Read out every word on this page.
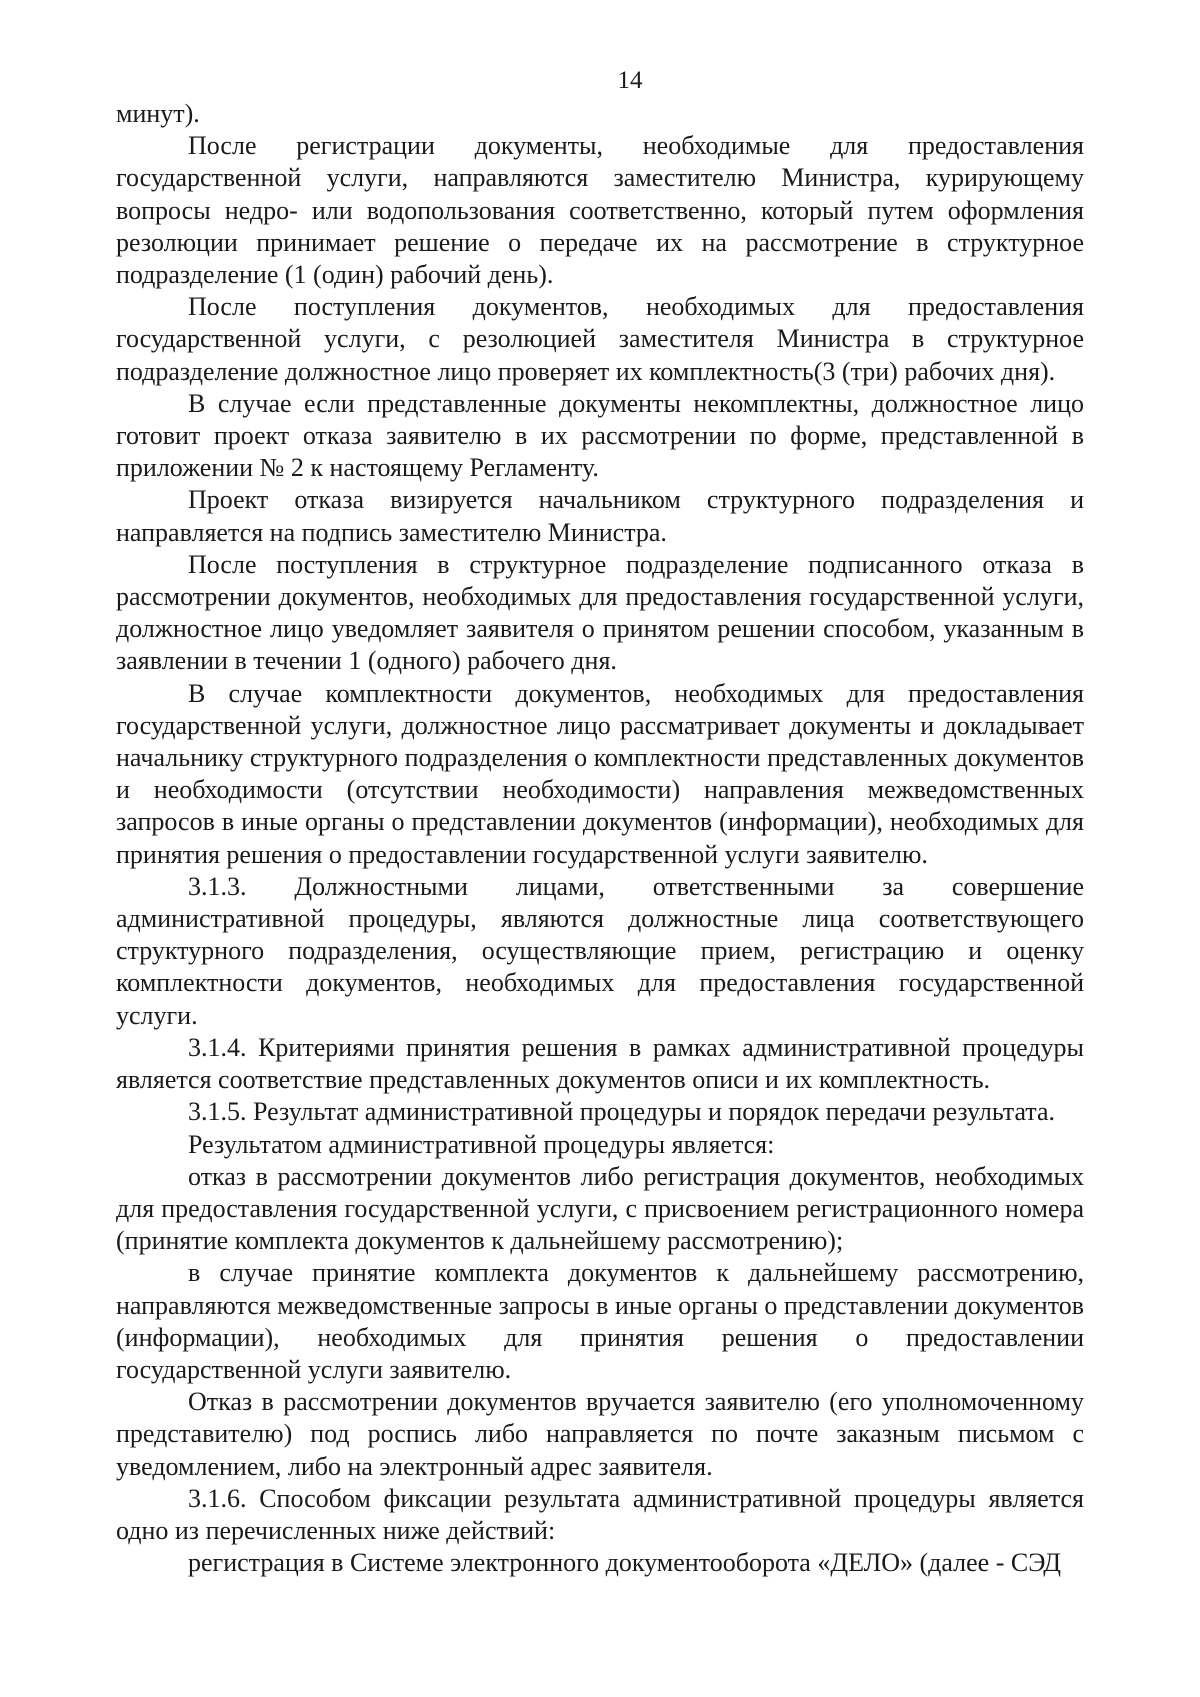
14

минут).

После регистрации документы, необходимые для предоставления государственной услуги, направляются заместителю Министра, курирующему вопросы недро- или водопользования соответственно, который путем оформления резолюции принимает решение о передаче их на рассмотрение в структурное подразделение (1 (один) рабочий день).

После поступления документов, необходимых для предоставления государственной услуги, с резолюцией заместителя Министра в структурное подразделение должностное лицо проверяет их комплектность(3 (три) рабочих дня).

В случае если представленные документы некомплектны, должностное лицо готовит проект отказа заявителю в их рассмотрении по форме, представленной в приложении № 2 к настоящему Регламенту.

Проект отказа визируется начальником структурного подразделения и направляется на подпись заместителю Министра.

После поступления в структурное подразделение подписанного отказа в рассмотрении документов, необходимых для предоставления государственной услуги, должностное лицо уведомляет заявителя о принятом решении способом, указанным в заявлении в течении 1 (одного) рабочего дня.

В случае комплектности документов, необходимых для предоставления государственной услуги, должностное лицо рассматривает документы и докладывает начальнику структурного подразделения о комплектности представленных документов и необходимости (отсутствии необходимости) направления межведомственных запросов в иные органы о представлении документов (информации), необходимых для принятия решения о предоставлении государственной услуги заявителю.

3.1.3. Должностными лицами, ответственными за совершение административной процедуры, являются должностные лица соответствующего структурного подразделения, осуществляющие прием, регистрацию и оценку комплектности документов, необходимых для предоставления государственной услуги.

3.1.4. Критериями принятия решения в рамках административной процедуры является соответствие представленных документов описи и их комплектность.

3.1.5. Результат административной процедуры и порядок передачи результата.

Результатом административной процедуры является:

отказ в рассмотрении документов либо регистрация документов, необходимых для предоставления государственной услуги, с присвоением регистрационного номера (принятие комплекта документов к дальнейшему рассмотрению);

в случае принятие комплекта документов к дальнейшему рассмотрению, направляются межведомственные запросы в иные органы о представлении документов (информации), необходимых для принятия решения о предоставлении государственной услуги заявителю.

Отказ в рассмотрении документов вручается заявителю (его уполномоченному представителю) под роспись либо направляется по почте заказным письмом с уведомлением, либо на электронный адрес заявителя.

3.1.6. Способом фиксации результата административной процедуры является одно из перечисленных ниже действий:

регистрация в Системе электронного документооборота «ДЕЛО» (далее - СЭД
